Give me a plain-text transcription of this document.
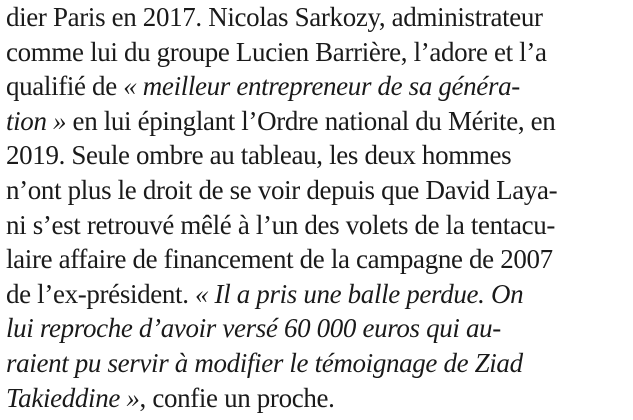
dier Paris en 2017. Nicolas Sarkozy, administrateur
comme lui du groupe Lucien Barrière, l’adore et l’a
qualifié de « meilleur entrepreneur de sa généra-
tion » en lui épinglant l’Ordre national du Mérite, en
2019. Seule ombre au tableau, les deux hommes
n’ont plus le droit de se voir depuis que David Laya-
ni s’est retrouvé mêlé à l’un des volets de la tentacu-
laire affaire de financement de la campagne de 2007
de l’ex-président. « Il a pris une balle perdue. On
lui reproche d’avoir versé 60 000 euros qui au-
raient pu servir à modifier le témoignage de Ziad
Takieddine », confie un proche.
